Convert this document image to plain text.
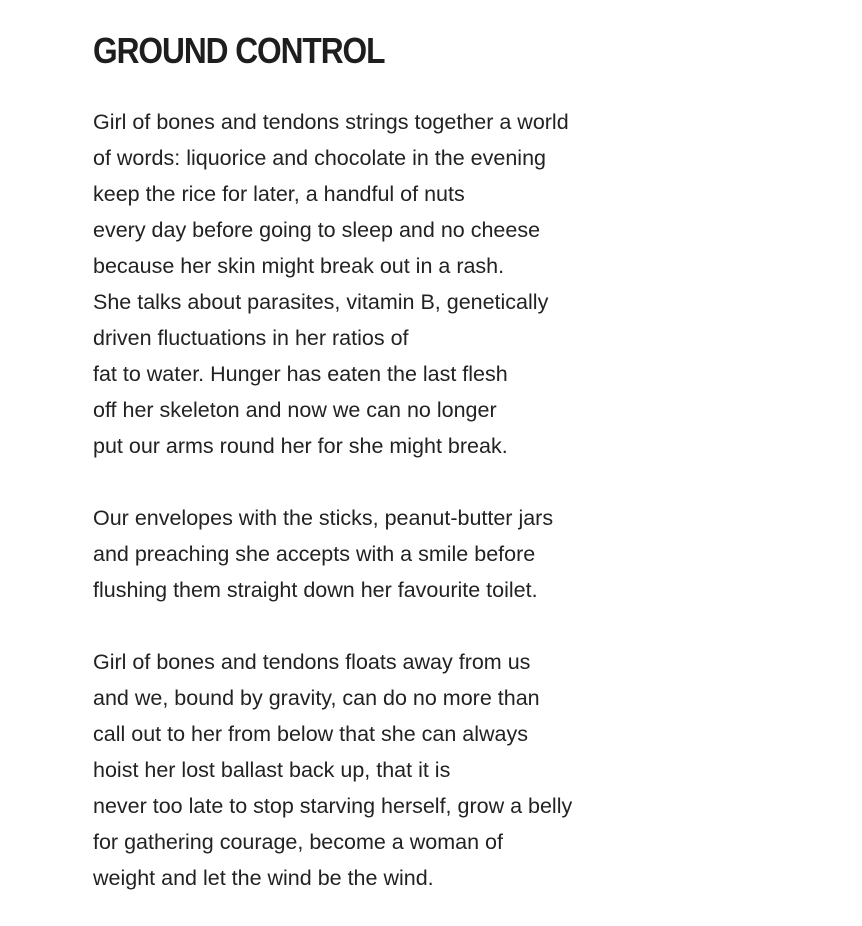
GROUND CONTROL
Girl of bones and tendons strings together a world
of words: liquorice and chocolate in the evening
keep the rice for later, a handful of nuts
every day before going to sleep and no cheese
because her skin might break out in a rash.
She talks about parasites, vitamin B, genetically
driven fluctuations in her ratios of
fat to water. Hunger has eaten the last flesh
off her skeleton and now we can no longer
put our arms round her for she might break.
Our envelopes with the sticks, peanut-butter jars
and preaching she accepts with a smile before
flushing them straight down her favourite toilet.
Girl of bones and tendons floats away from us
and we, bound by gravity, can do no more than
call out to her from below that she can always
hoist her lost ballast back up, that it is
never too late to stop starving herself, grow a belly
for gathering courage, become a woman of
weight and let the wind be the wind.
